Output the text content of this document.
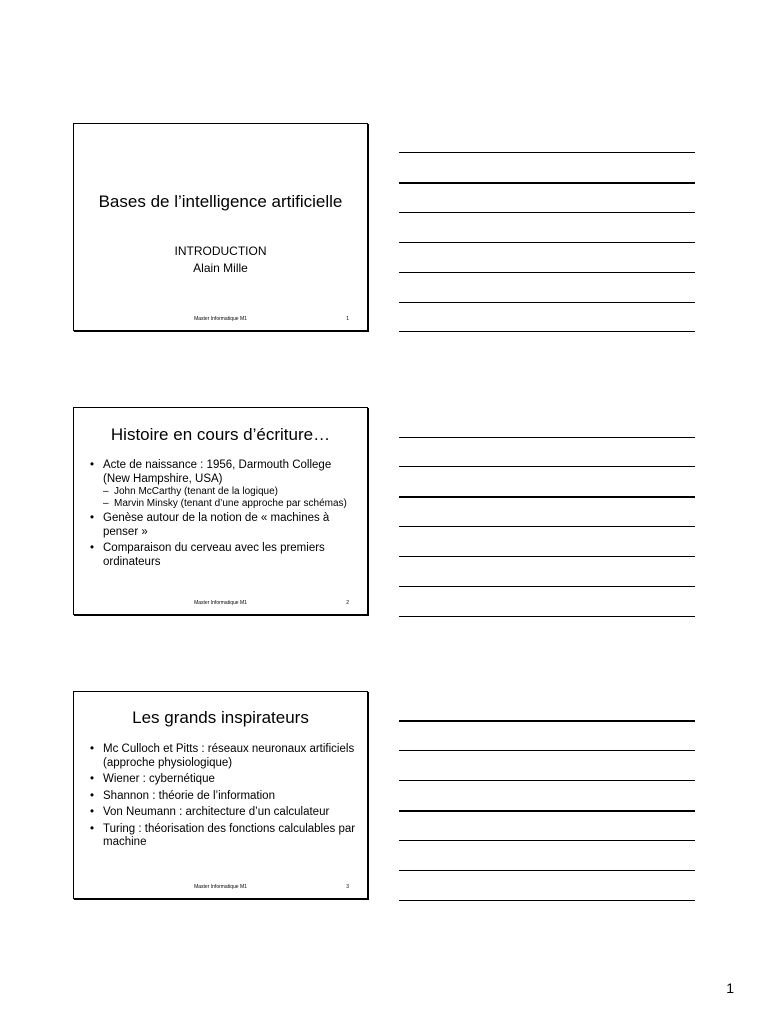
Bases de l’intelligence artificielle
INTRODUCTION
Alain Mille
Master Informatique M1	1
Histoire en cours d’écriture…
• Acte de naissance : 1956, Darmouth College (New Hampshire, USA)
– John McCarthy (tenant de la logique)
– Marvin Minsky (tenant d’une approche par schémas)
• Genèse autour de la notion de « machines à penser »
• Comparaison du cerveau avec les premiers ordinateurs
Master Informatique M1	2
Les grands inspirateurs
• Mc Culloch et Pitts : réseaux neuronaux artificiels (approche physiologique)
• Wiener : cybernétique
• Shannon : théorie de l’information
• Von Neumann : architecture d’un calculateur
• Turing : théorisation des fonctions calculables par machine
Master Informatique M1	3
1
